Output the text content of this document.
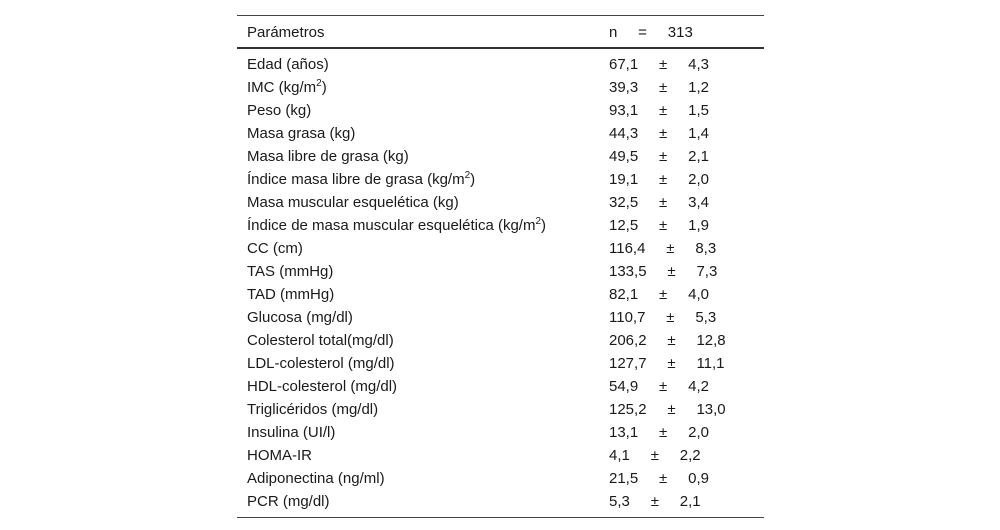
Parámetros	n     =     313
Edad (años)	67,1     ±     4,3
IMC $(kg/m^2)$	39,3     ±     1,2
Peso (kg)	93,1     ±     1,5
Masa grasa (kg)	44,3     ±     1,4
Masa libre de grasa (kg)	49,5     ±     2,1
Índice masa libre de grasa $(kg/m^2)$	19,1     ±     2,0
Masa muscular esquelética (kg)	32,5     ±     3,4
Índice de masa muscular esquelética $(kg/m^2)$	12,5     ±     1,9
CC (cm)	116,4     ±     8,3
TAS (mmHg)	133,5     ±     7,3
TAD (mmHg)	82,1     ±     4,0
Glucosa (mg/dl)	110,7     ±     5,3
Colesterol total(mg/dl)	206,2     ±     12,8
LDL-colesterol (mg/dl)	127,7     ±     11,1
HDL-colesterol (mg/dl)	54,9     ±     4,2
Triglicéridos (mg/dl)	125,2     ±     13,0
Insulina (UI/l)	13,1     ±     2,0
HOMA-IR	4,1     ±     2,2
Adiponectina (ng/ml)	21,5     ±     0,9
PCR (mg/dl)	5,3     ±     2,1
